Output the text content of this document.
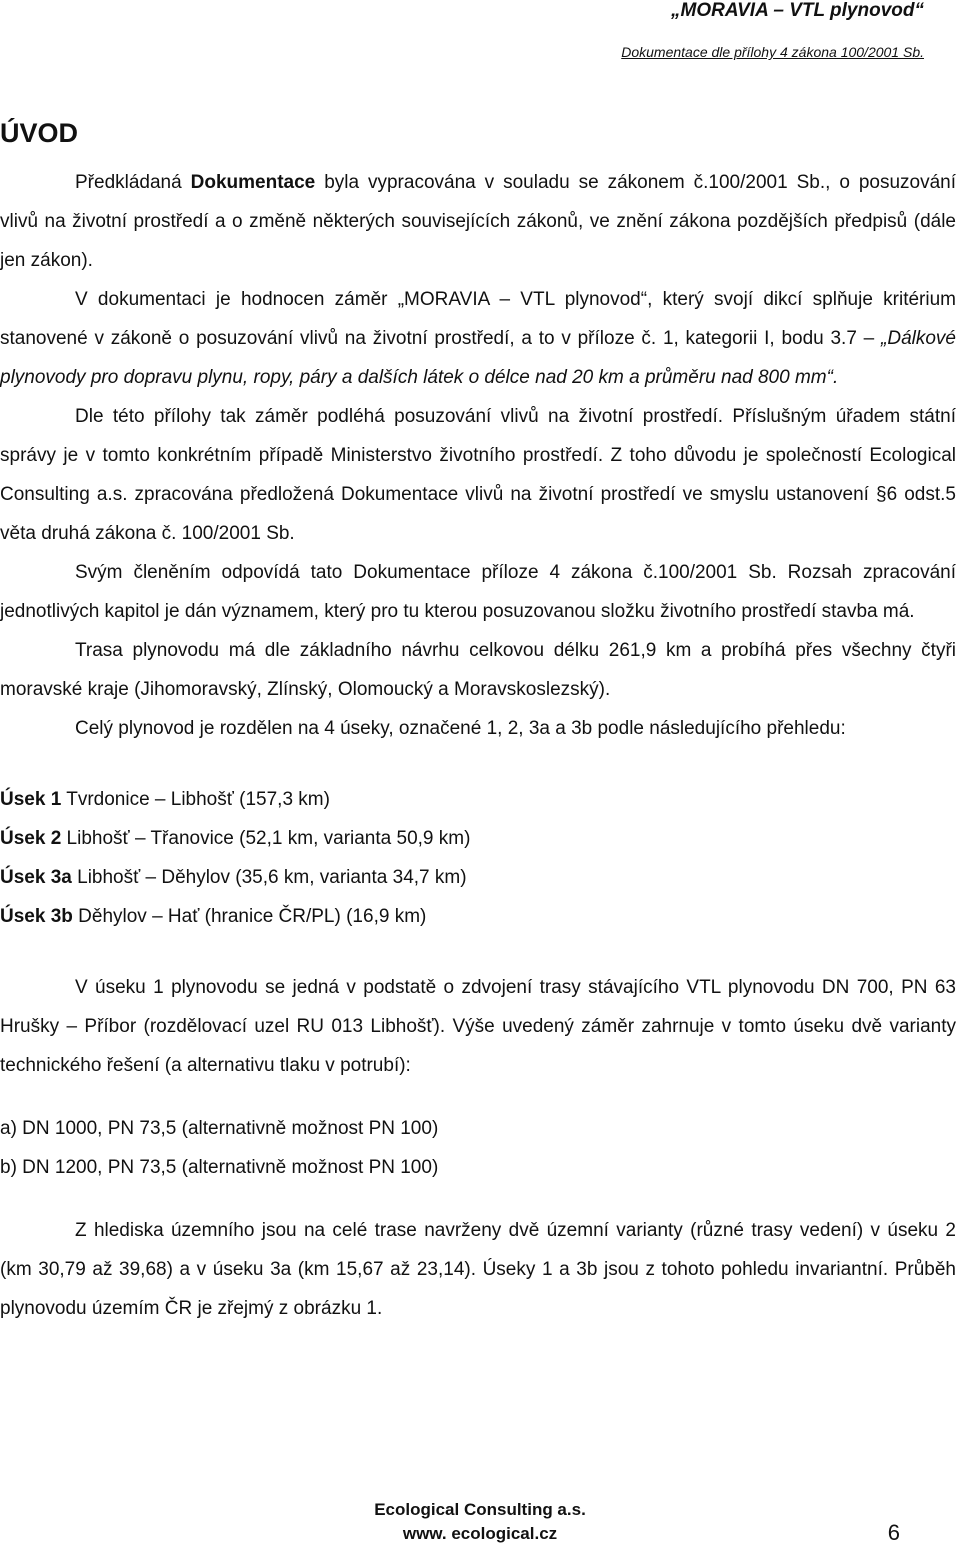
„MORAVIA – VTL plynovod“
Dokumentace dle přílohy 4 zákona 100/2001 Sb.
ÚVOD

Předkládaná Dokumentace byla vypracována v souladu se zákonem č.100/2001 Sb., o posuzování vlivů na životní prostředí a o změně některých souvisejících zákonů, ve znění zákona pozdějších předpisů (dále jen zákon).

V dokumentaci je hodnocen záměr „MORAVIA – VTL plynovod“, který svojí dikcí splňuje kritérium stanovené v zákoně o posuzování vlivů na životní prostředí, a to v příloze č. 1, kategorii I, bodu 3.7 – „Dálkové plynovody pro dopravu plynu, ropy, páry a dalších látek o délce nad 20 km a průměru nad 800 mm“.

Dle této přílohy tak záměr podléhá posuzování vlivů na životní prostředí. Příslušným úřadem státní správy je v tomto konkrétním případě Ministerstvo životního prostředí. Z toho důvodu je společností Ecological Consulting a.s. zpracována předložená Dokumentace vlivů na životní prostředí ve smyslu ustanovení §6 odst.5 věta druhá zákona č. 100/2001 Sb.

Svým členěním odpovídá tato Dokumentace příloze 4 zákona č.100/2001 Sb. Rozsah zpracování jednotlivých kapitol je dán významem, který pro tu kterou posuzovanou složku životního prostředí stavba má.

Trasa plynovodu má dle základního návrhu celkovou délku 261,9 km a probíhá přes všechny čtyři moravské kraje (Jihomoravský, Zlínský, Olomoucký a Moravskoslezský).

Celý plynovod je rozdělen na 4 úseky, označené 1, 2, 3a a 3b podle následujícího přehledu:

Úsek 1 Tvrdonice – Libhošť (157,3 km)
Úsek 2 Libhošť – Třanovice (52,1 km, varianta 50,9 km)
Úsek 3a Libhošť – Děhylov (35,6 km, varianta 34,7 km)
Úsek 3b Děhylov – Hať (hranice ČR/PL) (16,9 km)

V úseku 1 plynovodu se jedná v podstatě o zdvojení trasy stávajícího VTL plynovodu DN 700, PN 63 Hrušky – Příbor (rozdělovací uzel RU 013 Libhošť). Výše uvedený záměr zahrnuje v tomto úseku dvě varianty technického řešení (a alternativu tlaku v potrubí):

a) DN 1000, PN 73,5 (alternativně možnost PN 100)
b) DN 1200, PN 73,5 (alternativně možnost PN 100)

Z hlediska územního jsou na celé trase navrženy dvě územní varianty (různé trasy vedení) v úseku 2 (km 30,79 až 39,68) a v úseku 3a (km 15,67 až 23,14). Úseky 1 a 3b jsou z tohoto pohledu invariantní. Průběh plynovodu územím ČR je zřejmý z obrázku 1.

Ecological Consulting a.s.
www. ecological.cz	6
